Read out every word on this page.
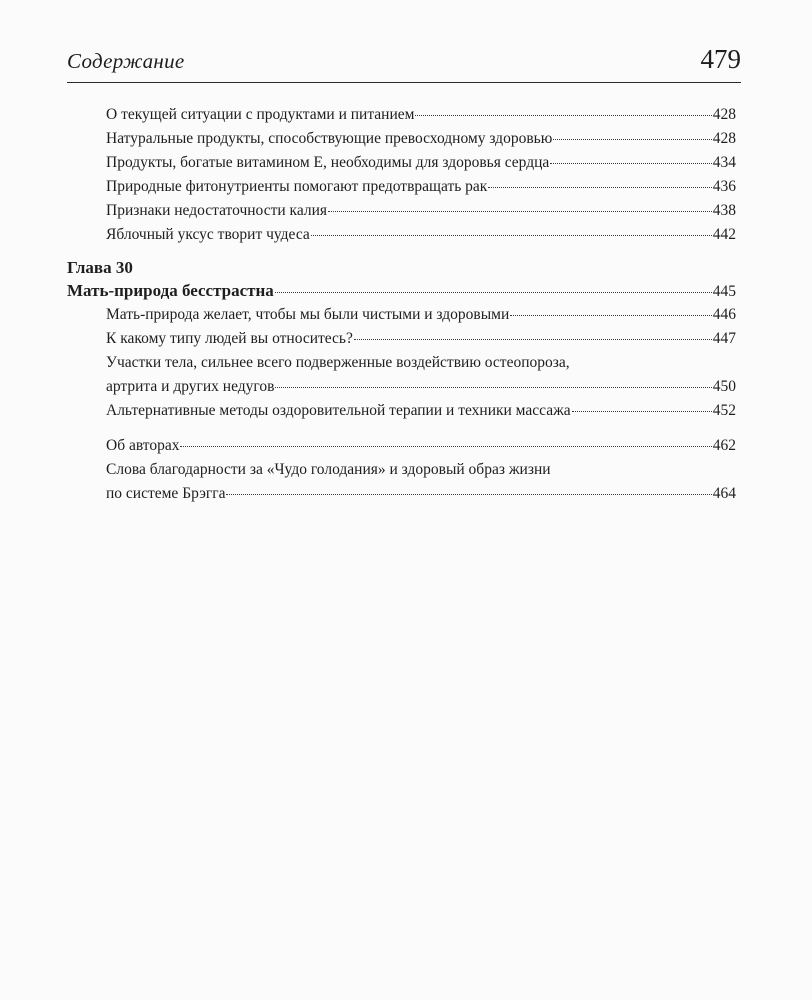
Содержание	479
О текущей ситуации с продуктами и питанием	428
Натуральные продукты, способствующие превосходному здоровью	428
Продукты, богатые витамином Е, необходимы для здоровья сердца	434
Природные фитонутриенты помогают предотвращать рак	436
Признаки недостаточности калия	438
Яблочный уксус творит чудеса	442
Глава 30
Мать-природа бесстрастна	445
Мать-природа желает, чтобы мы были чистыми и здоровыми	446
К какому типу людей вы относитесь?	447
Участки тела, сильнее всего подверженные воздействию остеопороза,
артрита и других недугов	450
Альтернативные методы оздоровительной терапии и техники массажа	452
Об авторах	462
Слова благодарности за «Чудо голодания» и здоровый образ жизни
по системе Брэгга	464
